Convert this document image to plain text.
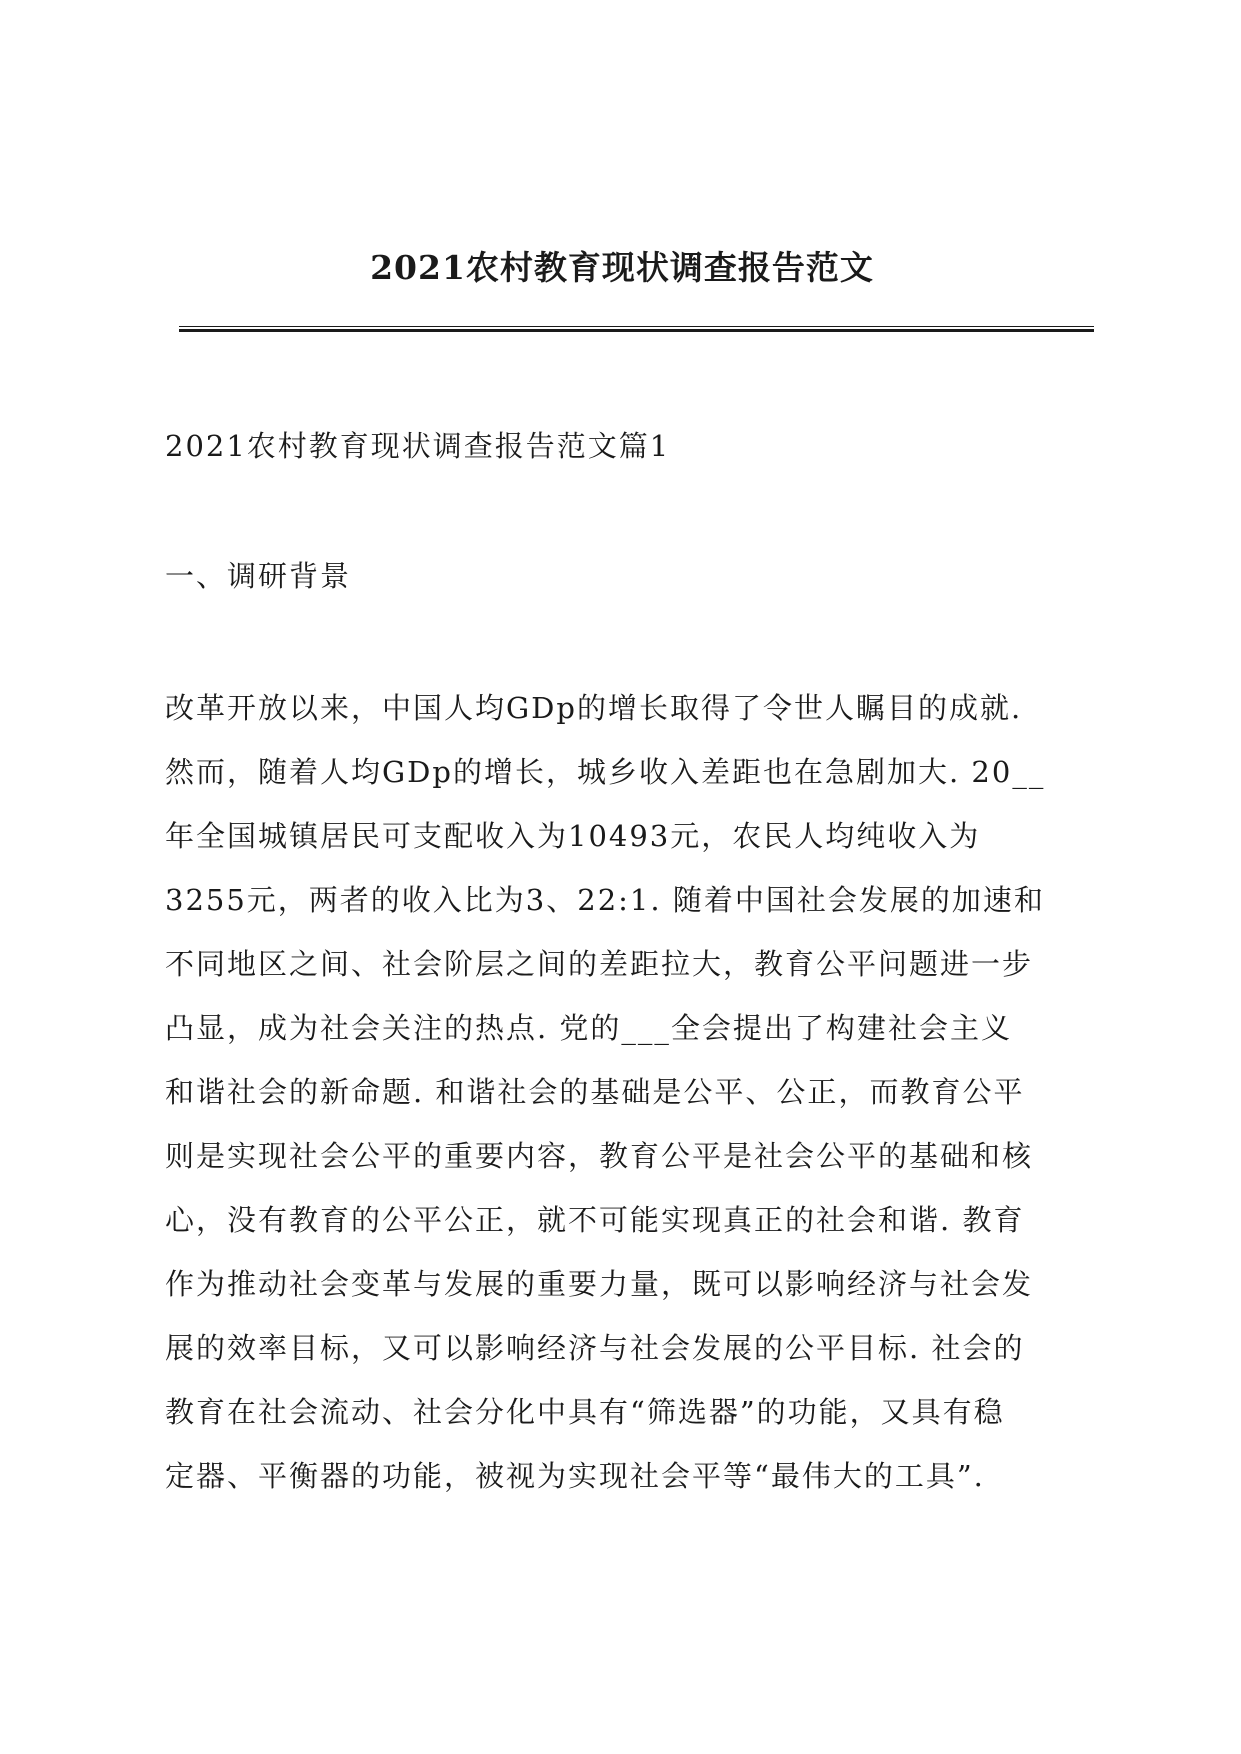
2021农村教育现状调查报告范文
2021农村教育现状调查报告范文篇1
一、调研背景
改革开放以来，中国人均GDp的增长取得了令世人瞩目的成就.
然而，随着人均GDp的增长，城乡收入差距也在急剧加大. 20__
年全国城镇居民可支配收入为10493元，农民人均纯收入为
3255元，两者的收入比为3、22:1. 随着中国社会发展的加速和
不同地区之间、社会阶层之间的差距拉大，教育公平问题进一步
凸显，成为社会关注的热点. 党的___全会提出了构建社会主义
和谐社会的新命题. 和谐社会的基础是公平、公正，而教育公平
则是实现社会公平的重要内容，教育公平是社会公平的基础和核
心，没有教育的公平公正，就不可能实现真正的社会和谐. 教育
作为推动社会变革与发展的重要力量，既可以影响经济与社会发
展的效率目标，又可以影响经济与社会发展的公平目标. 社会的
教育在社会流动、社会分化中具有“筛选器”的功能，又具有稳
定器、平衡器的功能，被视为实现社会平等“最伟大的工具”.
